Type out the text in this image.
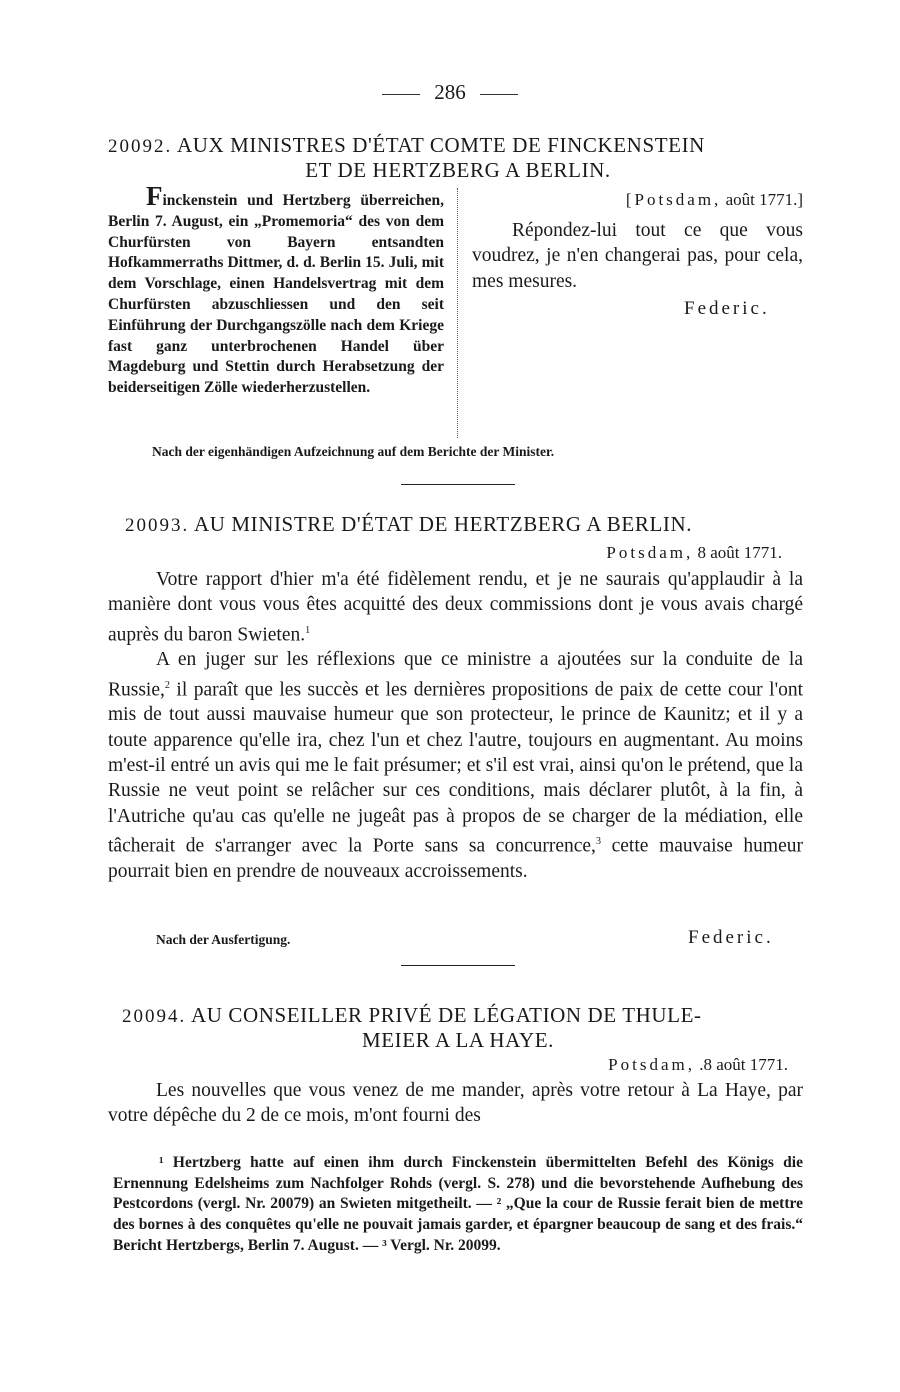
286
20092. AUX MINISTRES D'ÉTAT COMTE DE FINCKENSTEIN
ET DE HERTZBERG A BERLIN.
Finckenstein und Hertzberg überreichen, Berlin 7. August, ein „Promemoria“ des von dem Churfürsten von Bayern entsandten Hofkammerraths Dittmer, d. d. Berlin 15. Juli, mit dem Vorschlage, einen Handelsvertrag mit dem Churfürsten abzuschliessen und den seit Einführung der Durchgangszölle nach dem Kriege fast ganz unterbrochenen Handel über Magdeburg und Stettin durch Herabsetzung der beiderseitigen Zölle wiederherzustellen.
[Potsdam, août 1771.]

Répondez-lui tout ce que vous voudrez, je n'en changerai pas, pour cela, mes mesures.

Federic.
Nach der eigenhändigen Aufzeichnung auf dem Berichte der Minister.
20093. AU MINISTRE D'ÉTAT DE HERTZBERG A BERLIN.
Potsdam, 8 août 1771.

Votre rapport d'hier m'a été fidèlement rendu, et je ne saurais qu'applaudir à la manière dont vous vous êtes acquitté des deux commissions dont je vous avais chargé auprès du baron Swieten.$^1$

A en juger sur les réflexions que ce ministre a ajoutées sur la conduite de la Russie,$^2$ il paraît que les succès et les dernières propositions de paix de cette cour l'ont mis de tout aussi mauvaise humeur que son protecteur, le prince de Kaunitz; et il y a toute apparence qu'elle ira, chez l'un et chez l'autre, toujours en augmentant. Au moins m'est-il entré un avis qui me le fait présumer; et s'il est vrai, ainsi qu'on le prétend, que la Russie ne veut point se relâcher sur ces conditions, mais déclarer plutôt, à la fin, à l'Autriche qu'au cas qu'elle ne jugeât pas à propos de se charger de la médiation, elle tâcherait de s'arranger avec la Porte sans sa concurrence,$^3$ cette mauvaise humeur pourrait bien en prendre de nouveaux accroissements.

Nach der Ausfertigung.	Federic.
20094. AU CONSEILLER PRIVÉ DE LÉGATION DE THULE-
MEIER A LA HAYE.
Potsdam, .8 août 1771.

Les nouvelles que vous venez de me mander, après votre retour à La Haye, par votre dépêche du 2 de ce mois, m'ont fourni des

¹ Hertzberg hatte auf einen ihm durch Finckenstein übermittelten Befehl des Königs die Ernennung Edelsheims zum Nachfolger Rohds (vergl. S. 278) und die bevorstehende Aufhebung des Pestcordons (vergl. Nr. 20079) an Swieten mitgetheilt. — ² „Que la cour de Russie ferait bien de mettre des bornes à des conquêtes qu'elle ne pouvait jamais garder, et épargner beaucoup de sang et des frais.“ Bericht Hertzbergs, Berlin 7. August. — ³ Vergl. Nr. 20099.
